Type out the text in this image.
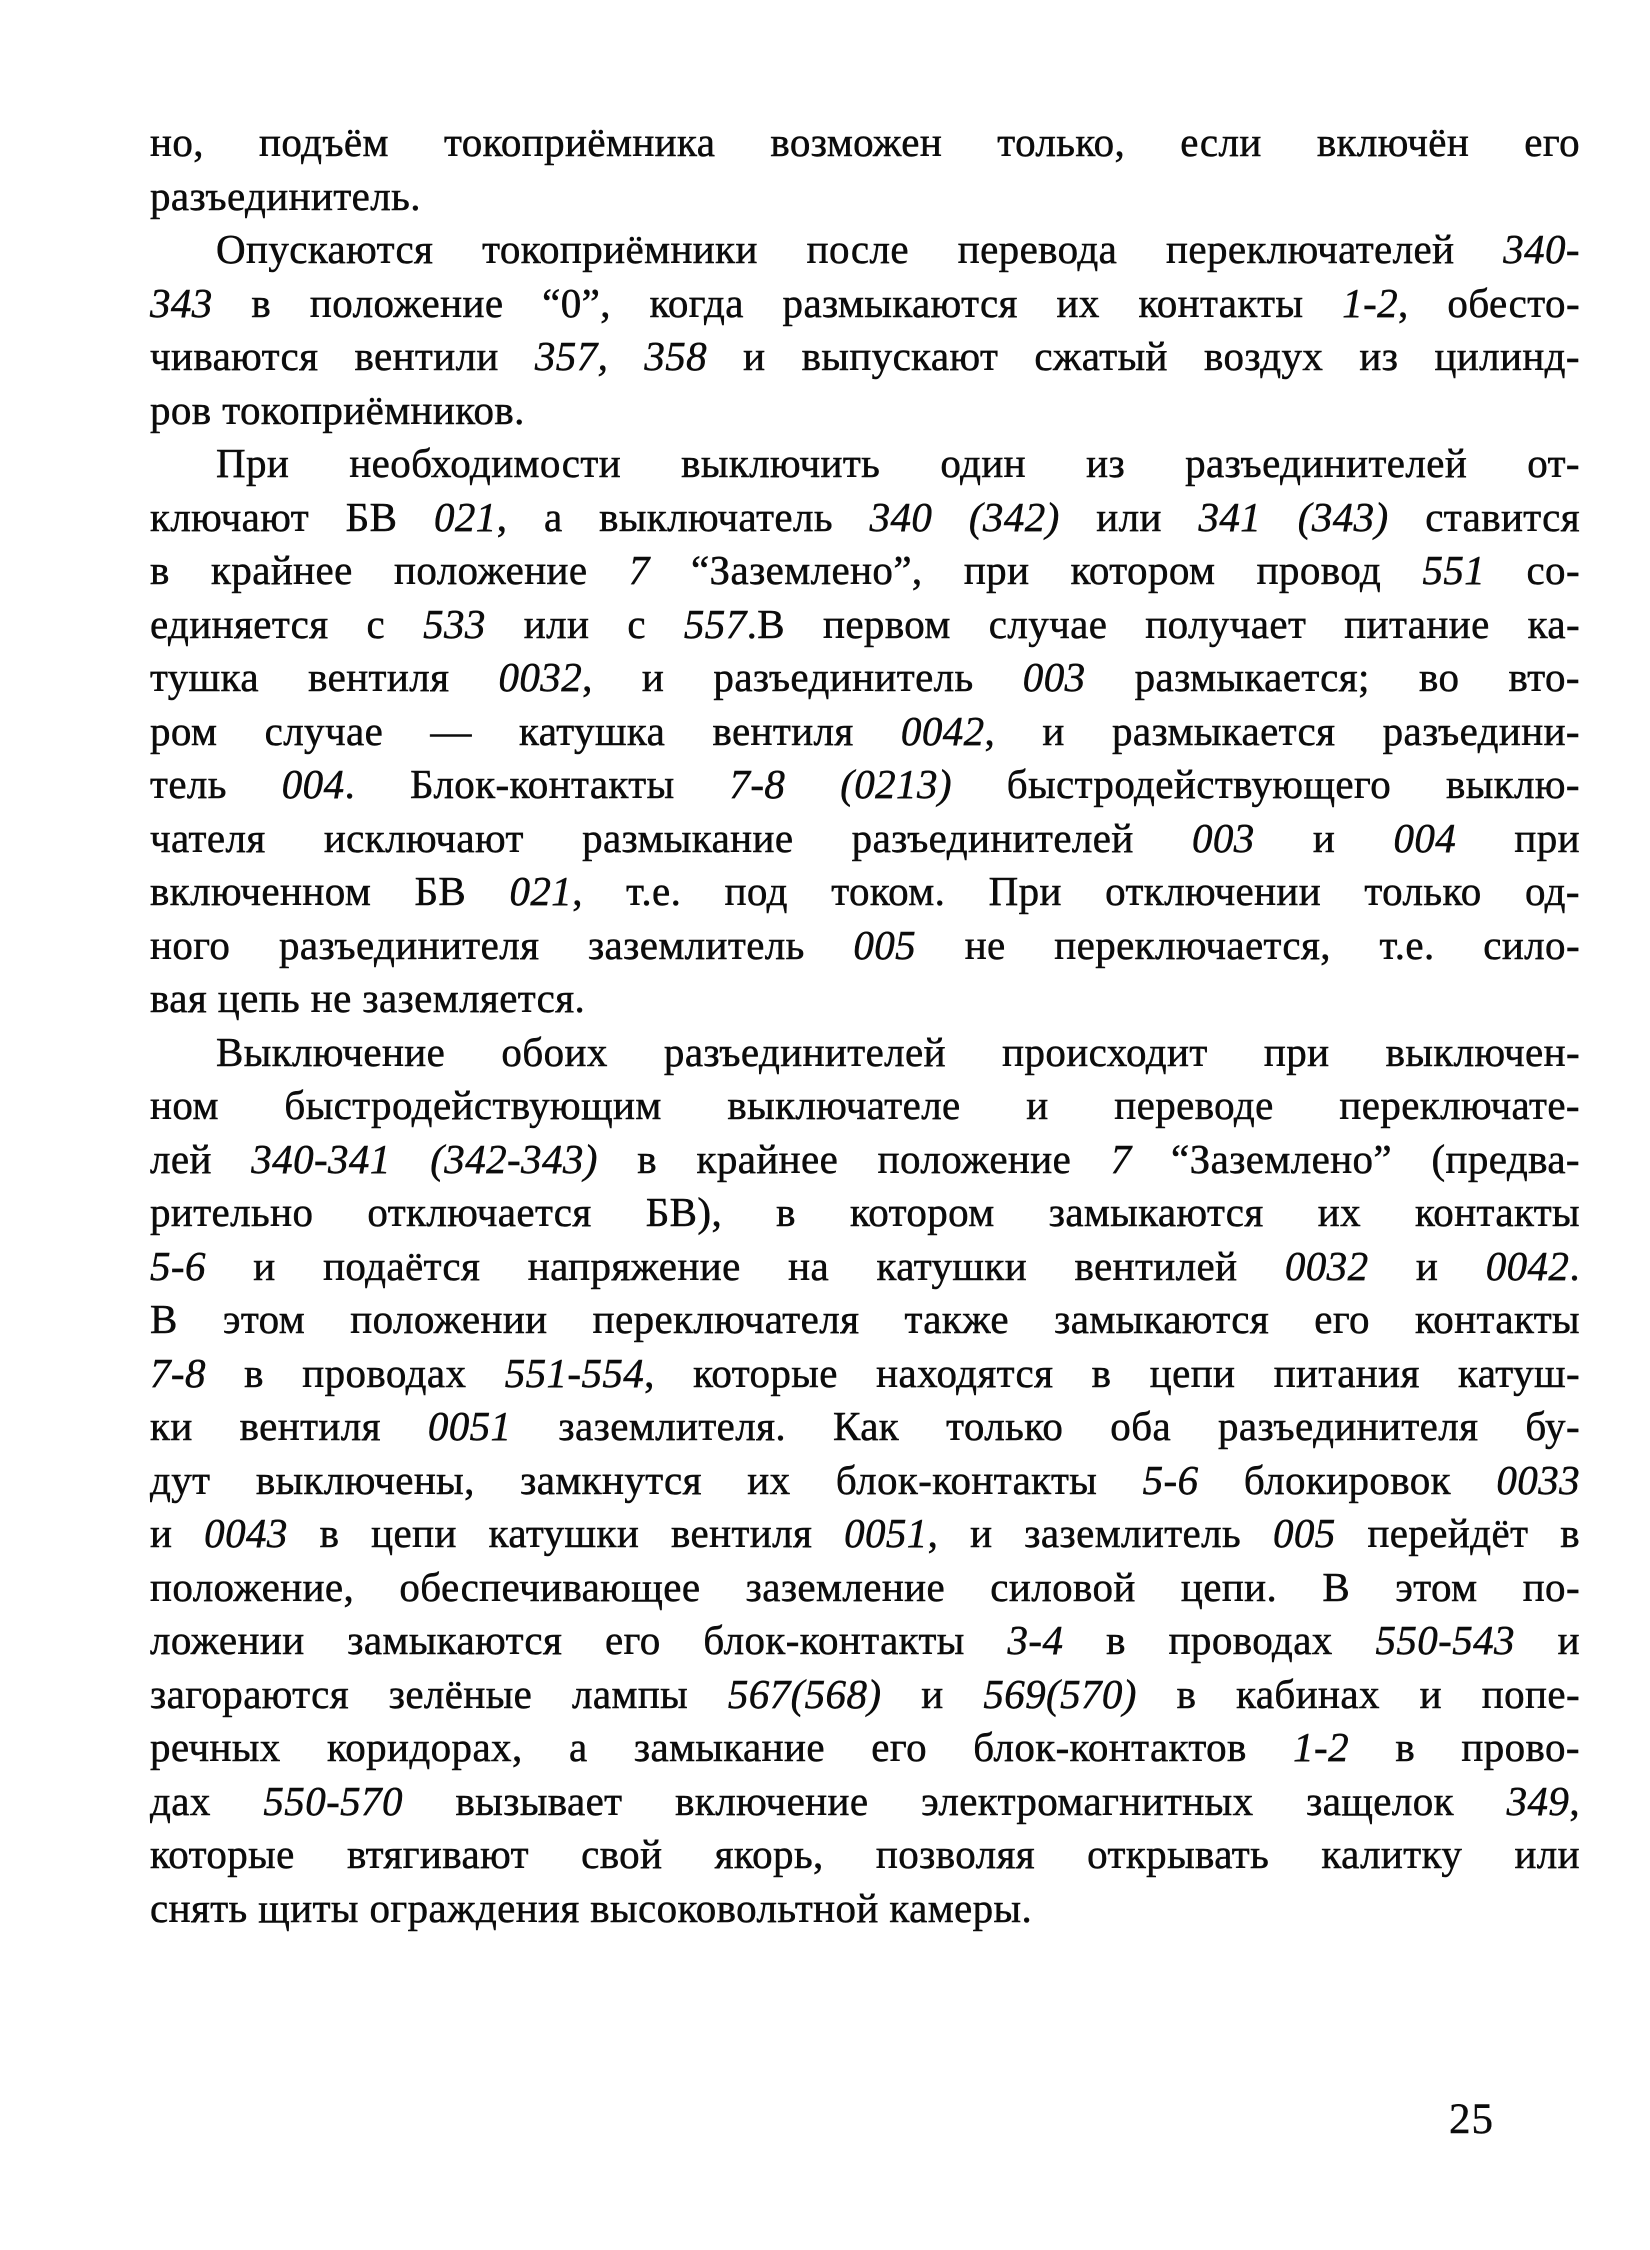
но, подъём токоприёмника возможен только, если включён его
разъединитель.
Опускаются токоприёмники после перевода переключателей 340-
343 в положение “0”, когда размыкаются их контакты 1-2, обесто-
чиваются вентили 357, 358 и выпускают сжатый воздух из цилинд-
ров токоприёмников.
При необходимости выключить один из разъединителей от-
ключают БВ 021, а выключатель 340 (342) или 341 (343) ставится
в крайнее положение 7 “Заземлено”, при котором провод 551 со-
единяется с 533 или с 557.В первом случае получает питание ка-
тушка вентиля 0032, и разъединитель 003 размыкается; во вто-
ром случае — катушка вентиля 0042, и размыкается разъедини-
тель 004. Блок-контакты 7-8 (0213) быстродействующего выклю-
чателя исключают размыкание разъединителей 003 и 004 при
включенном БВ 021, т.е. под током. При отключении только од-
ного разъединителя заземлитель 005 не переключается, т.е. сило-
вая цепь не заземляется.
Выключение обоих разъединителей происходит при выключен-
ном быстродействующим выключателе и переводе переключате-
лей 340-341 (342-343) в крайнее положение 7 “Заземлено” (предва-
рительно отключается БВ), в котором замыкаются их контакты
5-6 и подаётся напряжение на катушки вентилей 0032 и 0042.
В этом положении переключателя также замыкаются его контакты
7-8 в проводах 551-554, которые находятся в цепи питания катуш-
ки вентиля 0051 заземлителя. Как только оба разъединителя бу-
дут выключены, замкнутся их блок-контакты 5-6 блокировок 0033
и 0043 в цепи катушки вентиля 0051, и заземлитель 005 перейдёт в
положение, обеспечивающее заземление силовой цепи. В этом по-
ложении замыкаются его блок-контакты 3-4 в проводах 550-543 и
загораются зелёные лампы 567(568) и 569(570) в кабинах и попе-
речных коридорах, а замыкание его блок-контактов 1-2 в прово-
дах 550-570 вызывает включение электромагнитных защелок 349,
которые втягивают свой якорь, позволяя открывать калитку или
снять щиты ограждения высоковольтной камеры.
25
